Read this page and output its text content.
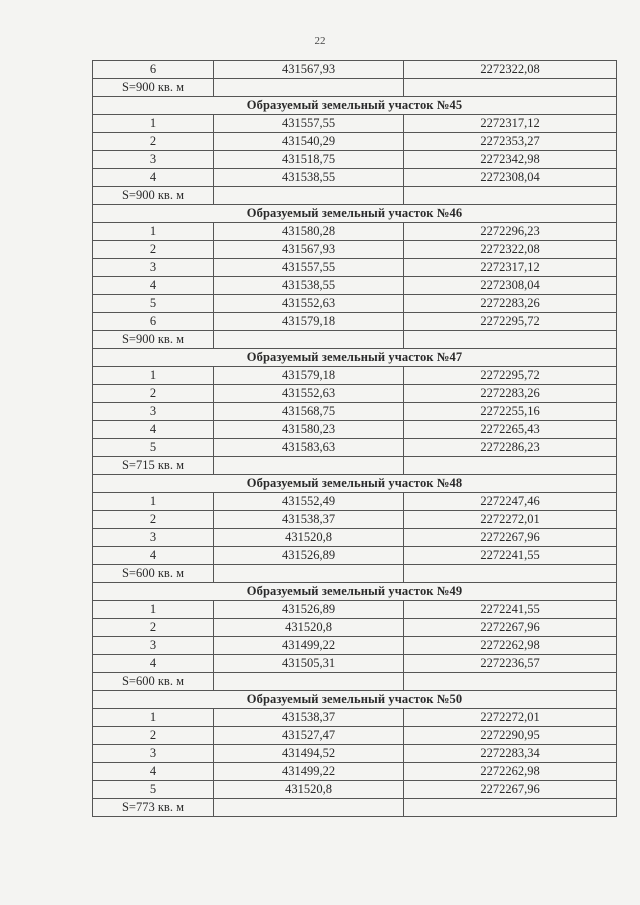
22
6	431567,93	2272322,08
S=900 кв. м		
Образуемый земельный участок №45		
1	431557,55	2272317,12
2	431540,29	2272353,27
3	431518,75	2272342,98
4	431538,55	2272308,04
S=900 кв. м		
Образуемый земельный участок №46		
1	431580,28	2272296,23
2	431567,93	2272322,08
3	431557,55	2272317,12
4	431538,55	2272308,04
5	431552,63	2272283,26
6	431579,18	2272295,72
S=900 кв. м		
Образуемый земельный участок №47		
1	431579,18	2272295,72
2	431552,63	2272283,26
3	431568,75	2272255,16
4	431580,23	2272265,43
5	431583,63	2272286,23
S=715 кв. м		
Образуемый земельный участок №48		
1	431552,49	2272247,46
2	431538,37	2272272,01
3	431520,8	2272267,96
4	431526,89	2272241,55
S=600 кв. м		
Образуемый земельный участок №49		
1	431526,89	2272241,55
2	431520,8	2272267,96
3	431499,22	2272262,98
4	431505,31	2272236,57
S=600 кв. м		
Образуемый земельный участок №50		
1	431538,37	2272272,01
2	431527,47	2272290,95
3	431494,52	2272283,34
4	431499,22	2272262,98
5	431520,8	2272267,96
S=773 кв. м		
